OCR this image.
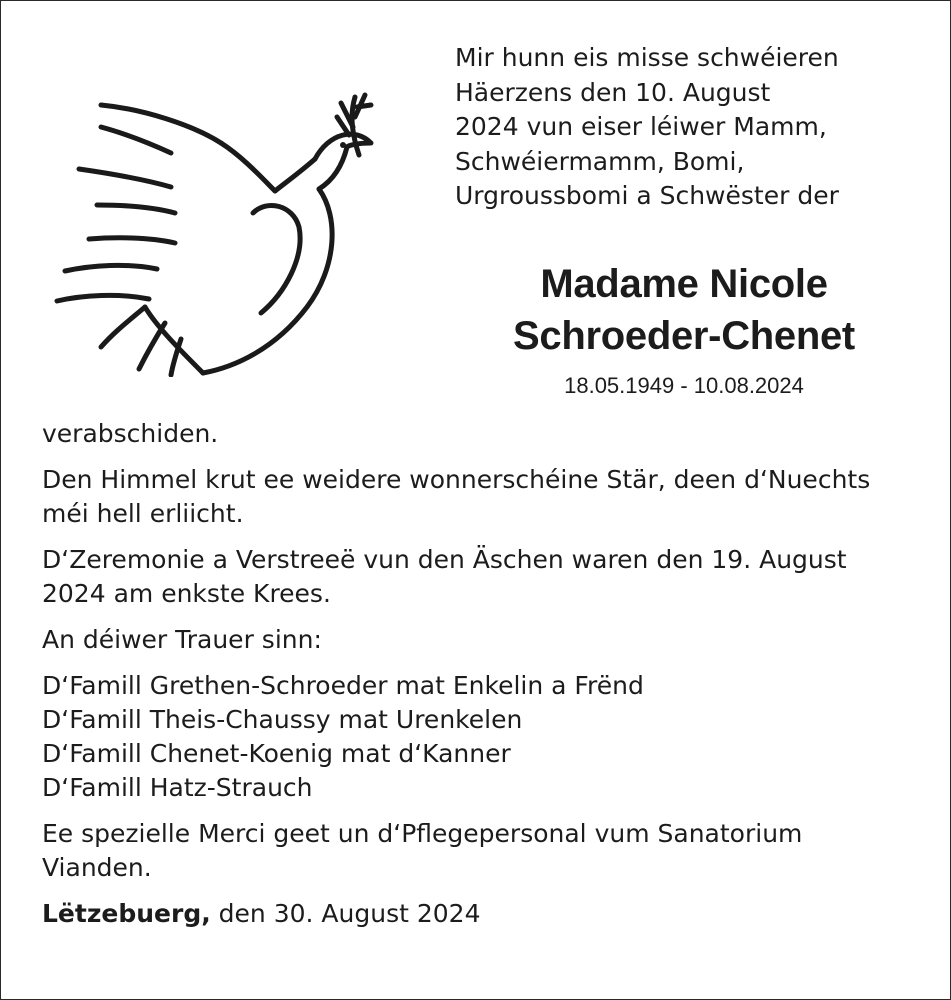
Mir hunn eis misse schwéieren
Häerzens den 10. August
2024 vun eiser léiwer Mamm,
Schwéiermamm, Bomi,
Urgroussbomi a Schwëster der

Madame Nicole
Schroeder-Chenet
18.05.1949 - 10.08.2024

verabschiden.

Den Himmel krut ee weidere wonnerschéine Stär, deen d‘Nuechts
méi hell erliicht.

D‘Zeremonie a Verstreeë vun den Äschen waren den 19. August
2024 am enkste Krees.

An déiwer Trauer sinn:

D‘Famill Grethen-Schroeder mat Enkelin a Frënd
D‘Famill Theis-Chaussy mat Urenkelen
D‘Famill Chenet-Koenig mat d‘Kanner
D‘Famill Hatz-Strauch

Ee spezielle Merci geet un d‘Pflegepersonal vum Sanatorium
Vianden.

Lëtzebuerg, den 30. August 2024
